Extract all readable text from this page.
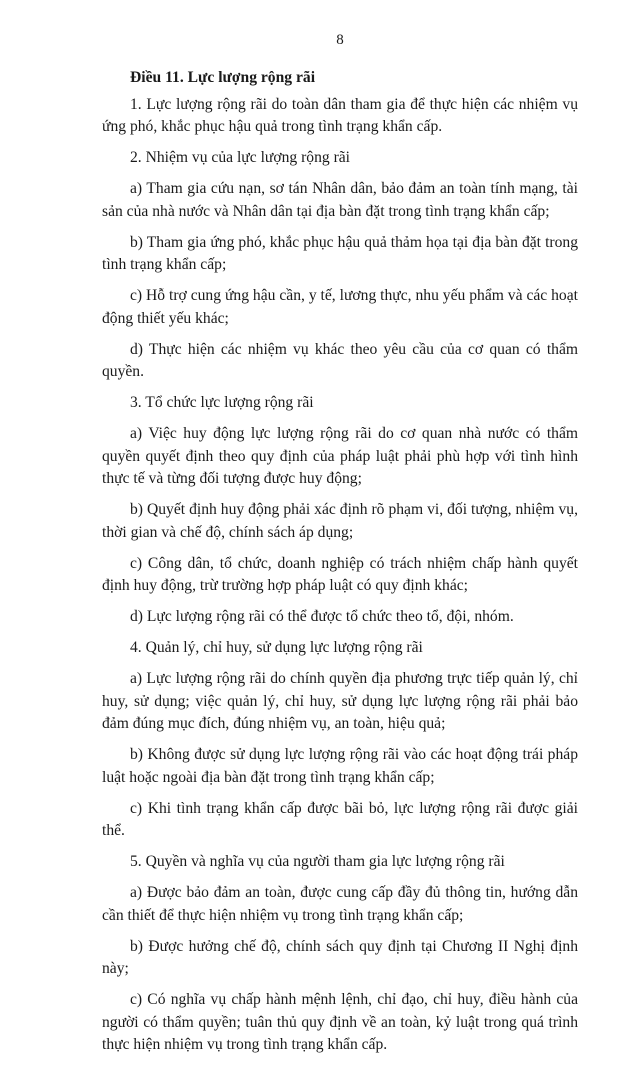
8
Điều 11. Lực lượng rộng rãi

1. Lực lượng rộng rãi do toàn dân tham gia để thực hiện các nhiệm vụ ứng phó, khắc phục hậu quả trong tình trạng khẩn cấp.

2. Nhiệm vụ của lực lượng rộng rãi

a) Tham gia cứu nạn, sơ tán Nhân dân, bảo đảm an toàn tính mạng, tài sản của nhà nước và Nhân dân tại địa bàn đặt trong tình trạng khẩn cấp;

b) Tham gia ứng phó, khắc phục hậu quả thảm họa tại địa bàn đặt trong tình trạng khẩn cấp;

c) Hỗ trợ cung ứng hậu cần, y tế, lương thực, nhu yếu phẩm và các hoạt động thiết yếu khác;

d) Thực hiện các nhiệm vụ khác theo yêu cầu của cơ quan có thẩm quyền.

3. Tổ chức lực lượng rộng rãi

a) Việc huy động lực lượng rộng rãi do cơ quan nhà nước có thẩm quyền quyết định theo quy định của pháp luật phải phù hợp với tình hình thực tế và từng đối tượng được huy động;

b) Quyết định huy động phải xác định rõ phạm vi, đối tượng, nhiệm vụ, thời gian và chế độ, chính sách áp dụng;

c) Công dân, tổ chức, doanh nghiệp có trách nhiệm chấp hành quyết định huy động, trừ trường hợp pháp luật có quy định khác;

d) Lực lượng rộng rãi có thể được tổ chức theo tổ, đội, nhóm.

4. Quản lý, chỉ huy, sử dụng lực lượng rộng rãi

a) Lực lượng rộng rãi do chính quyền địa phương trực tiếp quản lý, chỉ huy, sử dụng; việc quản lý, chỉ huy, sử dụng lực lượng rộng rãi phải bảo đảm đúng mục đích, đúng nhiệm vụ, an toàn, hiệu quả;

b) Không được sử dụng lực lượng rộng rãi vào các hoạt động trái pháp luật hoặc ngoài địa bàn đặt trong tình trạng khẩn cấp;

c) Khi tình trạng khẩn cấp được bãi bỏ, lực lượng rộng rãi được giải thể.

5. Quyền và nghĩa vụ của người tham gia lực lượng rộng rãi

a) Được bảo đảm an toàn, được cung cấp đầy đủ thông tin, hướng dẫn cần thiết để thực hiện nhiệm vụ trong tình trạng khẩn cấp;

b) Được hưởng chế độ, chính sách quy định tại Chương II Nghị định này;

c) Có nghĩa vụ chấp hành mệnh lệnh, chỉ đạo, chỉ huy, điều hành của người có thẩm quyền; tuân thủ quy định về an toàn, kỷ luật trong quá trình thực hiện nhiệm vụ trong tình trạng khẩn cấp.
